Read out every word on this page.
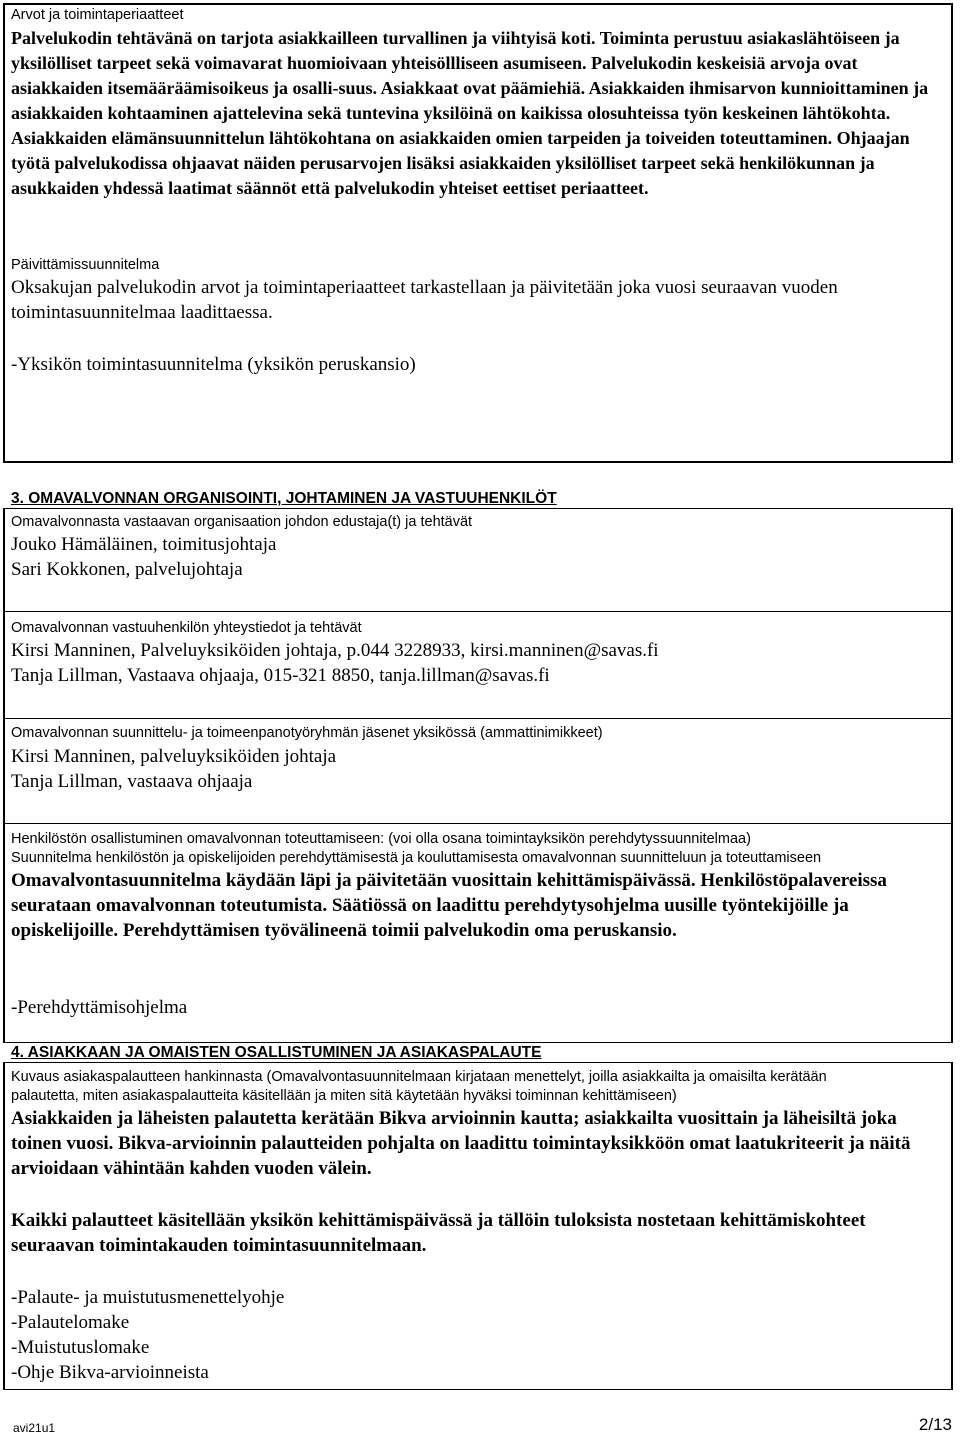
Arvot ja toimintaperiaatteet
Palvelukodin tehtävänä on tarjota asiakkailleen turvallinen ja viihtyisä koti. Toiminta perustuu asiakaslähtöiseen ja yksilölliset tarpeet sekä voimavarat huomioivaan yhteisöllliseen asumiseen. Palvelukodin keskeisiä arvoja ovat asiakkaiden itsemääräämisoikeus ja osalli-suus. Asiakkaat ovat päämiehiä. Asiakkaiden ihmisarvon kunnioittaminen ja asiakkaiden kohtaaminen ajattelevina sekä tuntevina yksilöinä on kaikissa olosuhteissa työn keskeinen lähtökohta. Asiakkaiden elämänsuunnittelun lähtökohtana on asiakkaiden omien tarpeiden ja toiveiden toteuttaminen. Ohjaajan työtä palvelukodissa ohjaavat näiden perusarvojen lisäksi asiakkaiden yksilölliset tarpeet sekä henkilökunnan ja asukkaiden yhdessä laatimat säännöt että palvelukodin yhteiset eettiset periaatteet.
Päivittämissuunnitelma
Oksakujan palvelukodin arvot ja toimintaperiaatteet tarkastellaan ja päivitetään joka vuosi seuraavan vuoden toimintasuunnitelmaa laadittaessa.
-Yksikön toimintasuunnitelma (yksikön peruskansio)
3. OMAVALVONNAN ORGANISOINTI, JOHTAMINEN JA VASTUUHENKILÖT
Omavalvonnasta vastaavan organisaation johdon edustaja(t) ja tehtävät
Jouko Hämäläinen, toimitusjohtaja
Sari Kokkonen, palvelujohtaja
Omavalvonnan vastuuhenkilön yhteystiedot ja tehtävät
Kirsi Manninen, Palveluyksiköiden johtaja, p.044 3228933, kirsi.manninen@savas.fi
Tanja Lillman, Vastaava ohjaaja, 015-321 8850, tanja.lillman@savas.fi
Omavalvonnan suunnittelu- ja toimeenpanotyöryhmän jäsenet yksikössä (ammattinimikkeet)
Kirsi Manninen, palveluyksiköiden johtaja
Tanja Lillman, vastaava ohjaaja
Henkilöstön osallistuminen omavalvonnan toteuttamiseen: (voi olla osana toimintayksikön perehdytyssuunnitelmaa)
Suunnitelma henkilöstön ja opiskelijoiden perehdyttämisestä ja kouluttamisesta omavalvonnan suunnitteluun ja toteuttamiseen
Omavalvontasuunnitelma käydään läpi ja päivitetään vuosittain kehittämispäivässä. Henkilöstöpalavereissa seurataan omavalvonnan toteutumista. Säätiössä on laadittu perehdytysohjelma uusille työntekijöille ja opiskelijoille. Perehdyttämisen työvälineenä toimii palvelukodin oma peruskansio.
-Perehdyttämisohjelma
4. ASIAKKAAN JA OMAISTEN OSALLISTUMINEN JA ASIAKASPALAUTE
Kuvaus asiakaspalautteen hankinnasta (Omavalvontasuunnitelmaan kirjataan menettelyt, joilla asiakkailta ja omaisilta kerätään
palautetta, miten asiakaspalautteita käsitellään ja miten sitä käytetään hyväksi toiminnan kehittämiseen)
Asiakkaiden ja läheisten palautetta kerätään Bikva arvioinnin kautta; asiakkailta vuosittain ja läheisiltä joka toinen vuosi. Bikva-arvioinnin palautteiden pohjalta on laadittu toimintayksikköön omat laatukriteerit ja näitä arvioidaan vähintään kahden vuoden välein.
Kaikki palautteet käsitellään yksikön kehittämispäivässä ja tällöin tuloksista nostetaan kehittämiskohteet seuraavan toimintakauden toimintasuunnitelmaan.
-Palaute- ja muistutusmenettelyohje
-Palautelomake
-Muistutuslomake
-Ohje Bikva-arvioinneista
avi21u1	2/13
